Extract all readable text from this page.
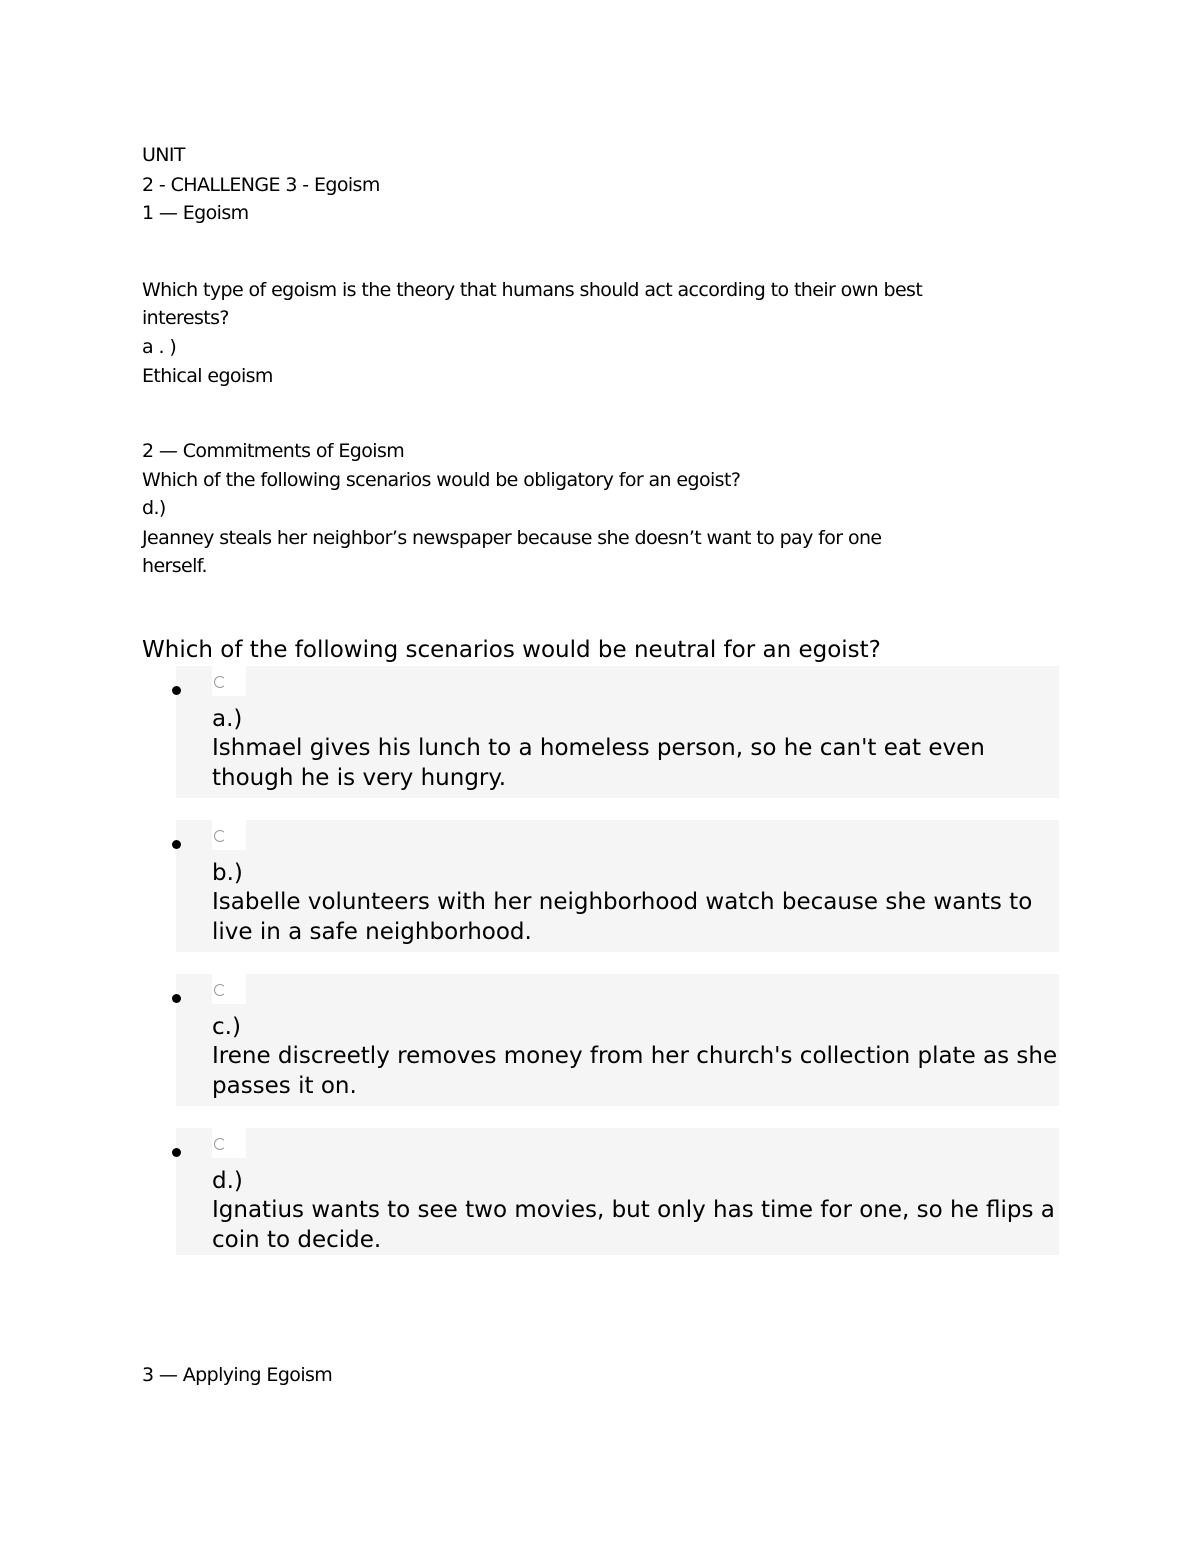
UNIT

2 - CHALLENGE 3 - Egoism

1 — Egoism

Which type of egoism is the theory that humans should act according to their own best

interests?

a . )

Ethical egoism

2 — Commitments of Egoism

Which of the following scenarios would be obligatory for an egoist?

d.)

Jeanney steals her neighbor’s newspaper because she doesn’t want to pay for one

herself.

Which of the following scenarios would be neutral for an egoist?

a.)

Ishmael gives his lunch to a homeless person, so he can't eat even though he is very hungry.

b.)

Isabelle volunteers with her neighborhood watch because she wants to live in a safe neighborhood.

c.)

Irene discreetly removes money from her church's collection plate as she passes it on.

d.)

Ignatius wants to see two movies, but only has time for one, so he flips a coin to decide.

3 — Applying Egoism
